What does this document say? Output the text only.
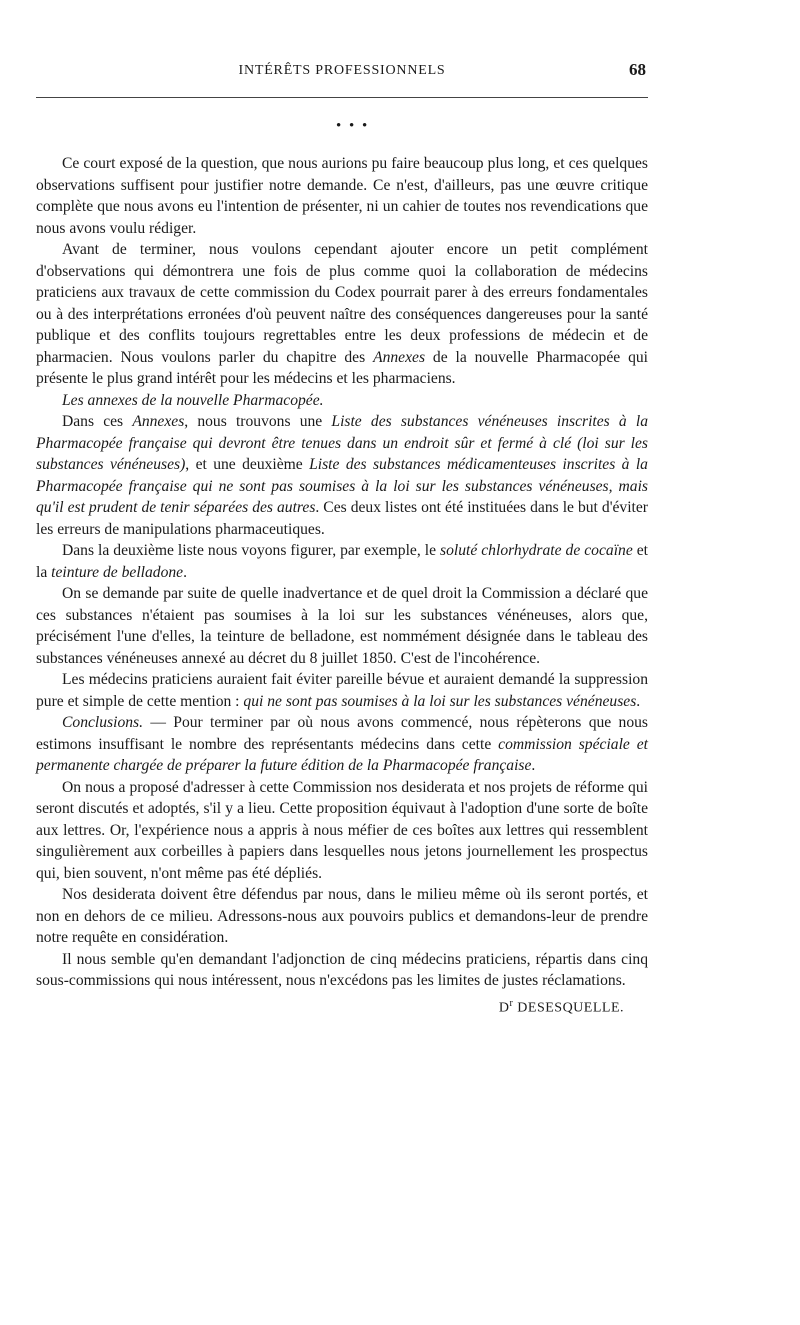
INTÉRÊTS PROFESSIONNELS	68
• • •

Ce court exposé de la question, que nous aurions pu faire beaucoup plus long, et ces quelques observations suffisent pour justifier notre demande. Ce n'est, d'ailleurs, pas une œuvre critique complète que nous avons eu l'intention de présenter, ni un cahier de toutes nos revendications que nous avons voulu rédiger.

Avant de terminer, nous voulons cependant ajouter encore un petit complément d'observations qui démontrera une fois de plus comme quoi la collaboration de médecins praticiens aux travaux de cette commission du Codex pourrait parer à des erreurs fondamentales ou à des interprétations erronées d'où peuvent naître des conséquences dangereuses pour la santé publique et des conflits toujours regrettables entre les deux professions de médecin et de pharmacien. Nous voulons parler du chapitre des Annexes de la nouvelle Pharmacopée qui présente le plus grand intérêt pour les médecins et les pharmaciens.

Les annexes de la nouvelle Pharmacopée.

Dans ces Annexes, nous trouvons une Liste des substances vénéneuses inscrites à la Pharmacopée française qui devront être tenues dans un endroit sûr et fermé à clé (loi sur les substances vénéneuses), et une deuxième Liste des substances médicamenteuses inscrites à la Pharmacopée française qui ne sont pas soumises à la loi sur les substances vénéneuses, mais qu'il est prudent de tenir séparées des autres. Ces deux listes ont été instituées dans le but d'éviter les erreurs de manipulations pharmaceutiques.

Dans la deuxième liste nous voyons figurer, par exemple, le soluté chlorhydrate de cocaïne et la teinture de belladone.

On se demande par suite de quelle inadvertance et de quel droit la Commission a déclaré que ces substances n'étaient pas soumises à la loi sur les substances vénéneuses, alors que, précisément l'une d'elles, la teinture de belladone, est nommément désignée dans le tableau des substances vénéneuses annexé au décret du 8 juillet 1850. C'est de l'incohérence.

Les médecins praticiens auraient fait éviter pareille bévue et auraient demandé la suppression pure et simple de cette mention : qui ne sont pas soumises à la loi sur les substances vénéneuses.

Conclusions. — Pour terminer par où nous avons commencé, nous répèterons que nous estimons insuffisant le nombre des représentants médecins dans cette commission spéciale et permanente chargée de préparer la future édition de la Pharmacopée française.

On nous a proposé d'adresser à cette Commission nos desiderata et nos projets de réforme qui seront discutés et adoptés, s'il y a lieu. Cette proposition équivaut à l'adoption d'une sorte de boîte aux lettres. Or, l'expérience nous a appris à nous méfier de ces boîtes aux lettres qui ressemblent singulièrement aux corbeilles à papiers dans lesquelles nous jetons journellement les prospectus qui, bien souvent, n'ont même pas été dépliés.

Nos desiderata doivent être défendus par nous, dans le milieu même où ils seront portés, et non en dehors de ce milieu. Adressons-nous aux pouvoirs publics et demandons-leur de prendre notre requête en considération.

Il nous semble qu'en demandant l'adjonction de cinq médecins praticiens, répartis dans cinq sous-commissions qui nous intéressent, nous n'excédons pas les limites de justes réclamations.

$D^r$ DESESQUELLE.
